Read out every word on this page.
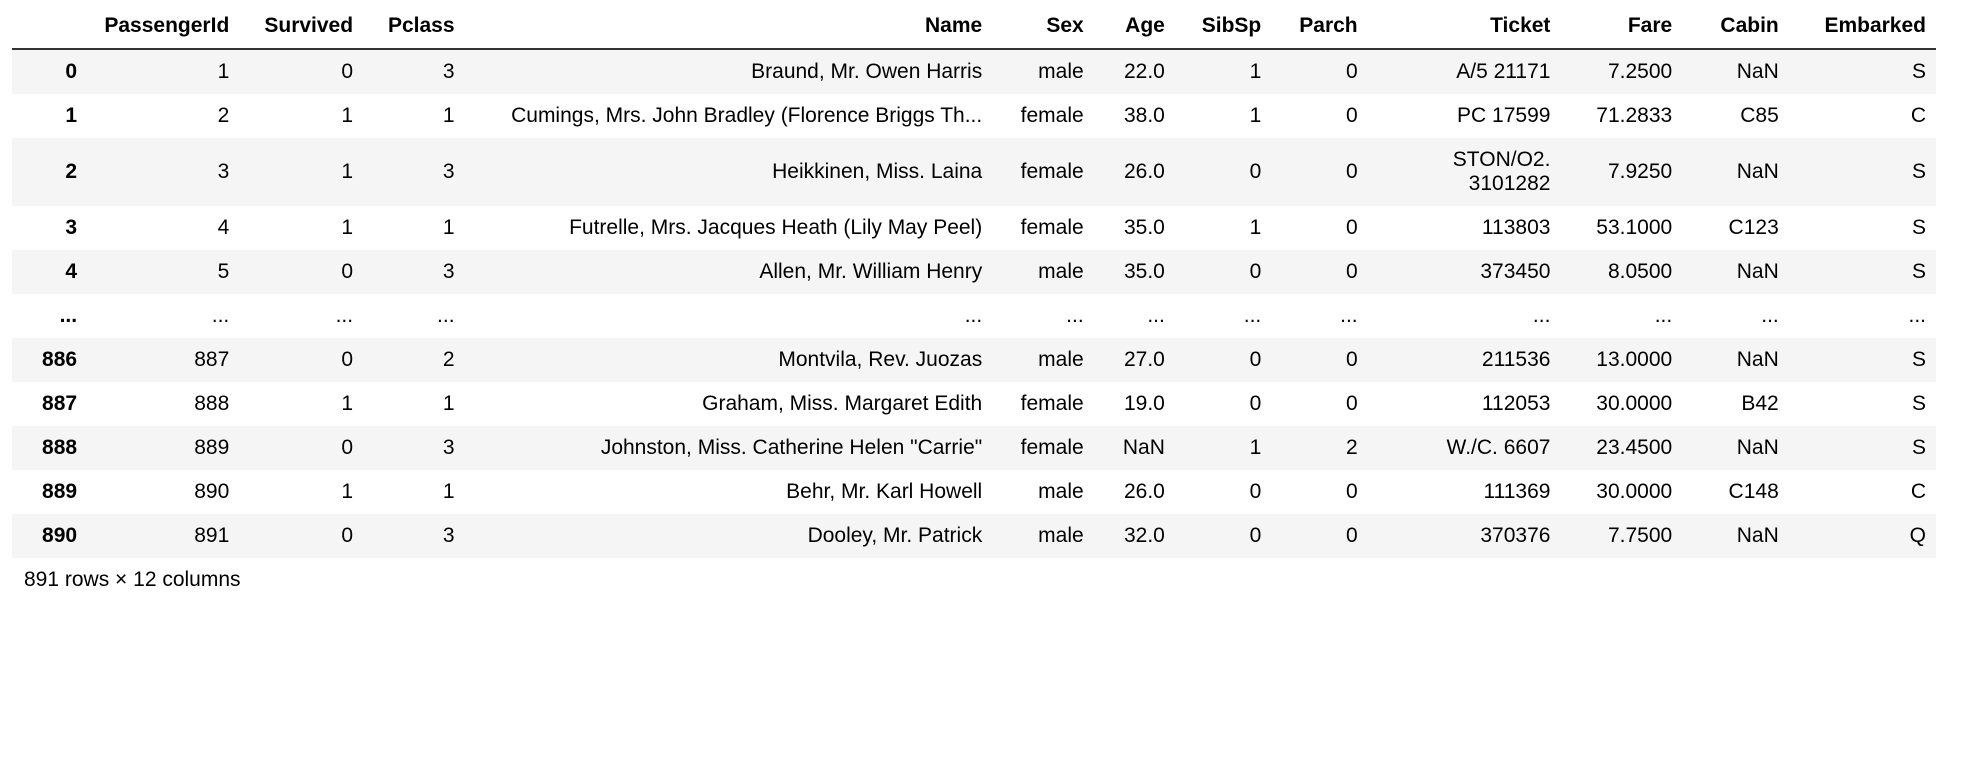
	PassengerId	Survived	Pclass	Name	Sex	Age	SibSp	Parch	Ticket	Fare	Cabin	Embarked
0	1	0	3	Braund, Mr. Owen Harris	male	22.0	1	0	A/5 21171	7.2500	NaN	S
1	2	1	1	Cumings, Mrs. John Bradley (Florence Briggs Th...	female	38.0	1	0	PC 17599	71.2833	C85	C
2	3	1	3	Heikkinen, Miss. Laina	female	26.0	0	0	STON/O2. 3101282	7.9250	NaN	S
3	4	1	1	Futrelle, Mrs. Jacques Heath (Lily May Peel)	female	35.0	1	0	113803	53.1000	C123	S
4	5	0	3	Allen, Mr. William Henry	male	35.0	0	0	373450	8.0500	NaN	S
...	...	...	...	...	...	...	...	...	...	...	...	...
886	887	0	2	Montvila, Rev. Juozas	male	27.0	0	0	211536	13.0000	NaN	S
887	888	1	1	Graham, Miss. Margaret Edith	female	19.0	0	0	112053	30.0000	B42	S
888	889	0	3	Johnston, Miss. Catherine Helen "Carrie"	female	NaN	1	2	W./C. 6607	23.4500	NaN	S
889	890	1	1	Behr, Mr. Karl Howell	male	26.0	0	0	111369	30.0000	C148	C
890	891	0	3	Dooley, Mr. Patrick	male	32.0	0	0	370376	7.7500	NaN	Q
891 rows × 12 columns
